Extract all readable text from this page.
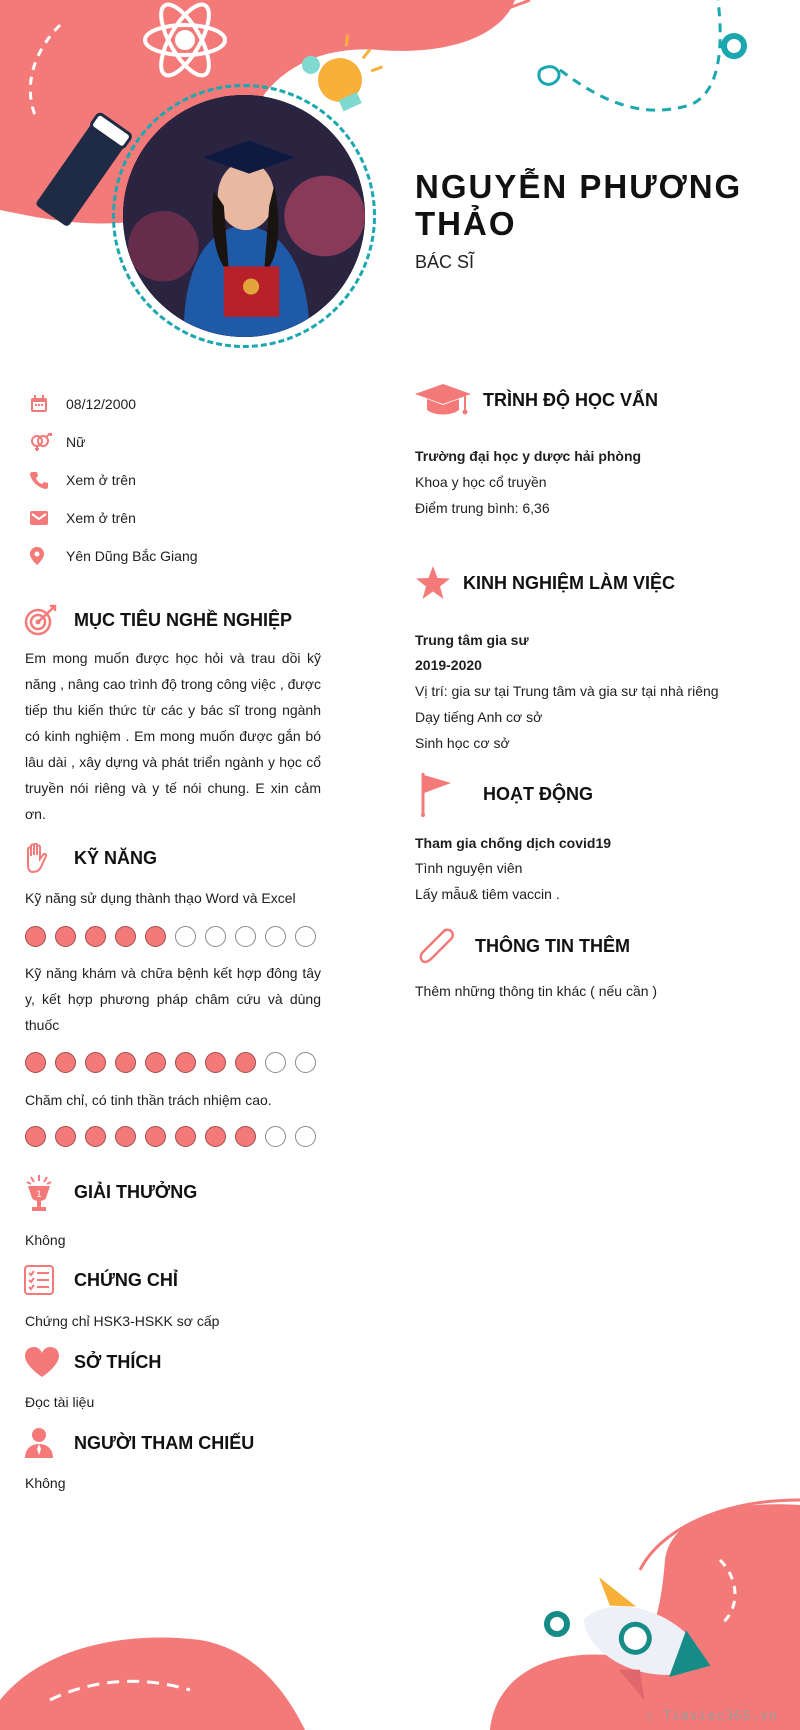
NGUYỄN PHƯƠNG THẢO
BÁC SĨ
08/12/2000
Nữ
Xem ở trên
Xem ở trên
Yên Dũng Bắc Giang
MỤC TIÊU NGHỀ NGHIỆP
Em mong muốn được học hỏi và trau dồi kỹ năng , nâng cao trình độ trong công việc , được tiếp thu kiến thức từ các y bác sĩ trong ngành có kinh nghiệm . Em mong muốn được gắn bó lâu dài , xây dựng và phát triển ngành y học cổ truyền nói riêng và y tế nói chung. E xin cảm ơn.
KỸ NĂNG
Kỹ năng sử dụng thành thạo Word và Excel
Kỹ năng khám và chữa bệnh kết hợp đông tây y, kết hợp phương pháp châm cứu và dùng thuốc
Chăm chỉ, có tinh thần trách nhiệm cao.
1 GIẢI THƯỞNG
Không
CHỨNG CHỈ
Chứng chỉ HSK3-HSKK sơ cấp
SỞ THÍCH
Đọc tài liệu
NGƯỜI THAM CHIẾU
Không
TRÌNH ĐỘ HỌC VẤN
Trường đại học y dược hải phòng
Khoa y học cổ truyền
Điểm trung bình: 6,36
KINH NGHIỆM LÀM VIỆC
Trung tâm gia sư
2019-2020
Vị trí: gia sư tại Trung tâm và gia sư tại nhà riêng
Dạy tiếng Anh cơ sở
Sinh học cơ sở
HOẠT ĐỘNG
Tham gia chống dịch covid19
Tình nguyện viên
Lấy mẫu& tiêm vaccin .
THÔNG TIN THÊM
Thêm những thông tin khác ( nếu cần )
∴ Timviec365.vn
